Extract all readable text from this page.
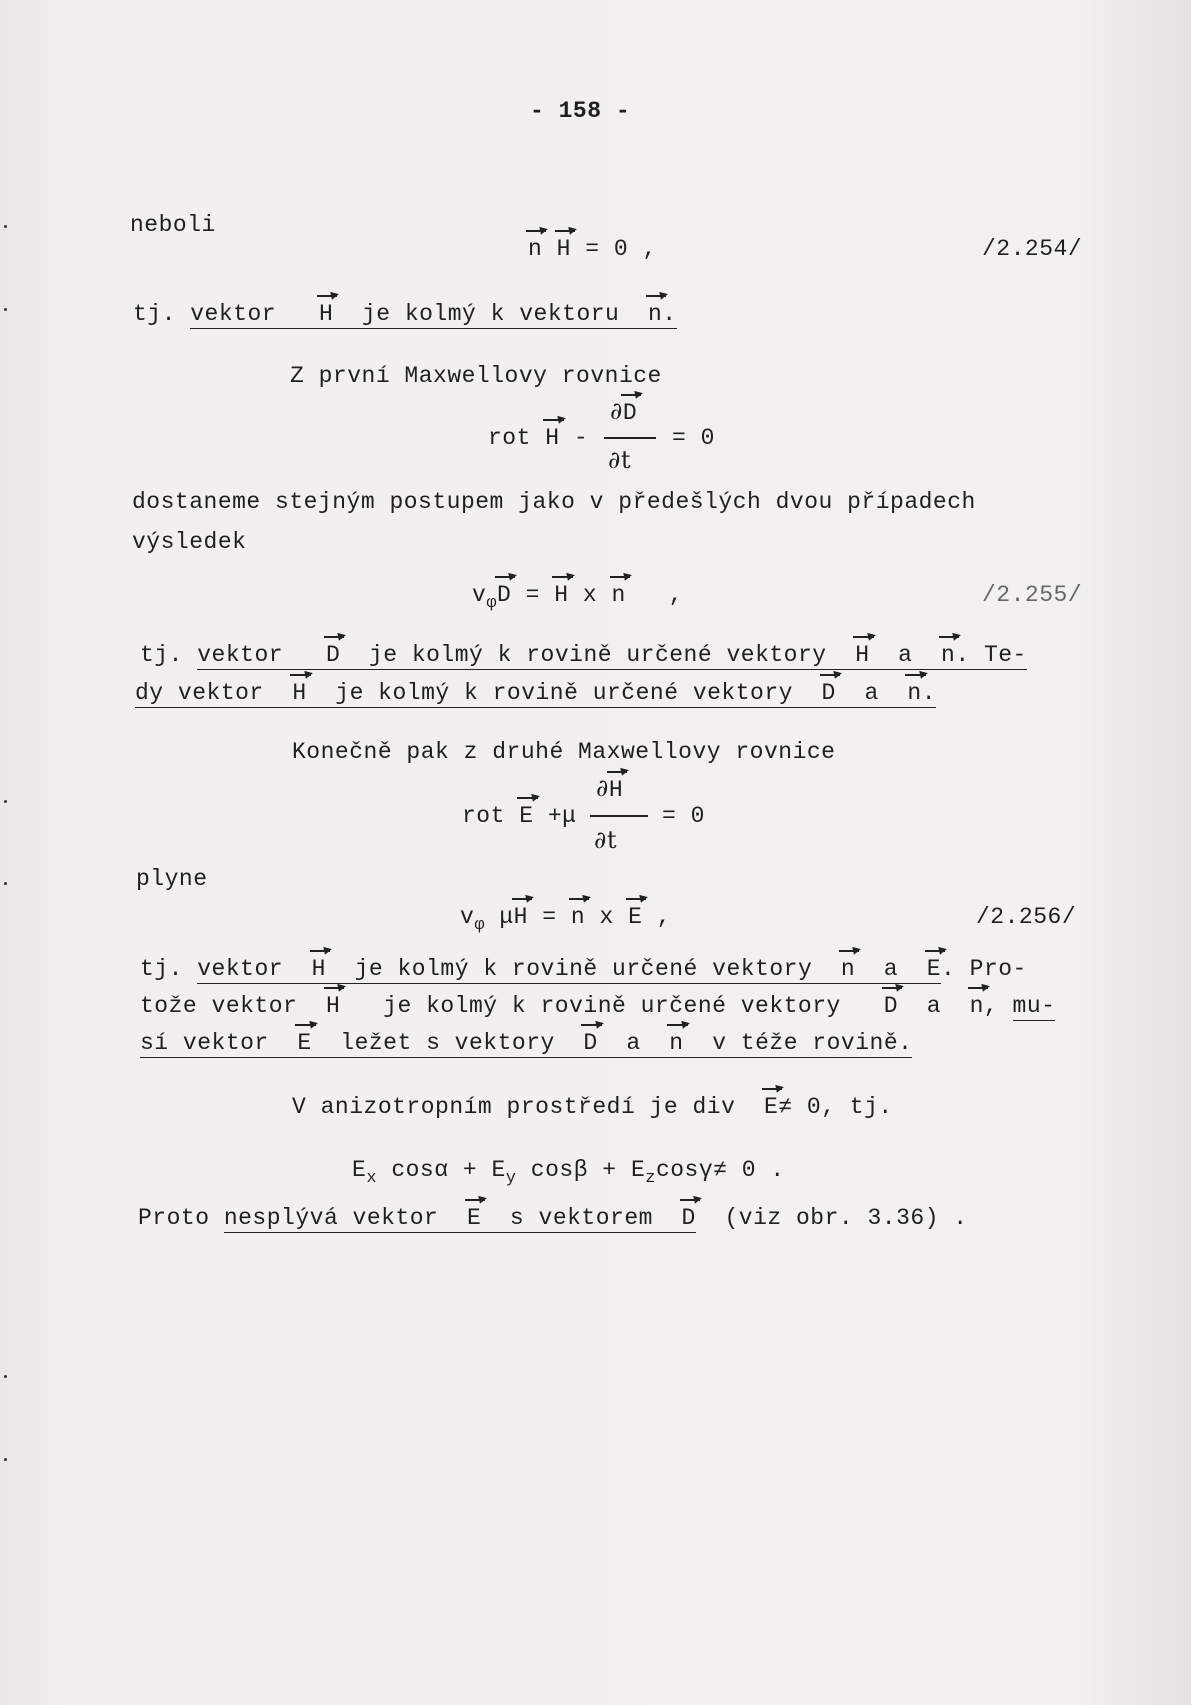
- 158 -
neboli
n H = 0 ,	/2.254/
tj. vektor H je kolmý k vektoru n.
Z první Maxwellovy rovnice
rot H -
∂D
∂t
= 0
dostaneme stejným postupem jako v předešlých dvou případech
výsledek
$v_\varphi D = H$ x n ,	/2.255/
tj. vektor D je kolmý k rovině určené vektory H a n. Te-
dy vektor H je kolmý k rovině určené vektory D a n.
Konečně pak z druhé Maxwellovy rovnice
rot E +μ
∂H
∂t
= 0
plyne
$v_\varphi$ μH = n x E ,	/2.256/
tj. vektor H je kolmý k rovině určené vektory n a E. Pro-
tože vektor H je kolmý k rovině určené vektory D a n, mu-
sí vektor E ležet s vektory D a n v téže rovině.
V anizotropním prostředí je div E≠ 0, tj.
$E_x$ $\cos\alpha + E_y$ $\cos\beta + E_z\cos\gamma\ne 0$ .
Proto nesplývá vektor E s vektorem D (viz obr. 3.36) .
